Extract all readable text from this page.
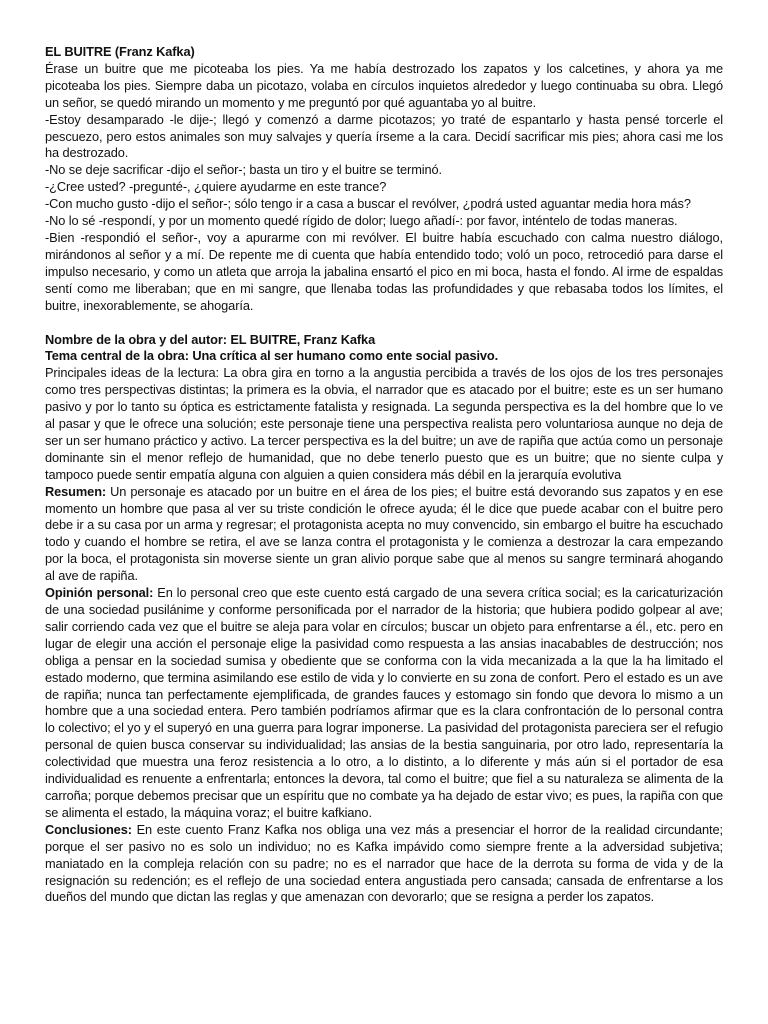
EL BUITRE (Franz Kafka)

Érase un buitre que me picoteaba los pies. Ya me había destrozado los zapatos y los calcetines, y ahora ya me picoteaba los pies. Siempre daba un picotazo, volaba en círculos inquietos alrededor y luego continuaba su obra. Llegó un señor, se quedó mirando un momento y me preguntó por qué aguantaba yo al buitre.

-Estoy desamparado -le dije-; llegó y comenzó a darme picotazos; yo traté de espantarlo y hasta pensé torcerle el pescuezo, pero estos animales son muy salvajes y quería írseme a la cara. Decidí sacrificar mis pies; ahora casi me los ha destrozado.

-No se deje sacrificar -dijo el señor-; basta un tiro y el buitre se terminó.

-¿Cree usted? -pregunté-, ¿quiere ayudarme en este trance?

-Con mucho gusto -dijo el señor-; sólo tengo ir a casa a buscar el revólver, ¿podrá usted aguantar media hora más?

-No lo sé -respondí, y por un momento quedé rígido de dolor; luego añadí-: por favor, inténtelo de todas maneras.

-Bien -respondió el señor-, voy a apurarme con mi revólver. El buitre había escuchado con calma nuestro diálogo, mirándonos al señor y a mí. De repente me di cuenta que había entendido todo; voló un poco, retrocedió para darse el impulso necesario, y como un atleta que arroja la jabalina ensartó el pico en mi boca, hasta el fondo. Al irme de espaldas sentí como me liberaban; que en mi sangre, que llenaba todas las profundidades y que rebasaba todos los límites, el buitre, inexorablemente, se ahogaría.

Nombre de la obra y del autor: EL BUITRE, Franz Kafka

Tema central de la obra: Una crítica al ser humano como ente social pasivo.

Principales ideas de la lectura: La obra gira en torno a la angustia percibida a través de los ojos de los tres personajes como tres perspectivas distintas; la primera es la obvia, el narrador que es atacado por el buitre; este es un ser humano pasivo y por lo tanto su óptica es estrictamente fatalista y resignada. La segunda perspectiva es la del hombre que lo ve al pasar y que le ofrece una solución; este personaje tiene una perspectiva realista pero voluntariosa aunque no deja de ser un ser humano práctico y activo. La tercer perspectiva es la del buitre; un ave de rapiña que actúa como un personaje dominante sin el menor reflejo de humanidad, que no debe tenerlo puesto que es un buitre; que no siente culpa y tampoco puede sentir empatía alguna con alguien a quien considera más débil en la jerarquía evolutiva

Resumen: Un personaje es atacado por un buitre en el área de los pies; el buitre está devorando sus zapatos y en ese momento un hombre que pasa al ver su triste condición le ofrece ayuda; él le dice que puede acabar con el buitre pero debe ir a su casa por un arma y regresar; el protagonista acepta no muy convencido, sin embargo el buitre ha escuchado todo y cuando el hombre se retira, el ave se lanza contra el protagonista y le comienza a destrozar la cara empezando por la boca, el protagonista sin moverse siente un gran alivio porque sabe que al menos su sangre terminará ahogando al ave de rapiña.

Opinión personal: En lo personal creo que este cuento está cargado de una severa crítica social; es la caricaturización de una sociedad pusilánime y conforme personificada por el narrador de la historia; que hubiera podido golpear al ave; salir corriendo cada vez que el buitre se aleja para volar en círculos; buscar un objeto para enfrentarse a él., etc. pero en lugar de elegir una acción el personaje elige la pasividad como respuesta a las ansias inacabables de destrucción; nos obliga a pensar en la sociedad sumisa y obediente que se conforma con la vida mecanizada a la que la ha limitado el estado moderno, que termina asimilando ese estilo de vida y lo convierte en su zona de confort. Pero el estado es un ave de rapiña; nunca tan perfectamente ejemplificada, de grandes fauces y estomago sin fondo que devora lo mismo a un hombre que a una sociedad entera. Pero también podríamos afirmar que es la clara confrontación de lo personal contra lo colectivo; el yo y el superyó en una guerra para lograr imponerse. La pasividad del protagonista pareciera ser el refugio personal de quien busca conservar su individualidad; las ansias de la bestia sanguinaria, por otro lado, representaría la colectividad que muestra una feroz resistencia a lo otro, a lo distinto, a lo diferente y más aún si el portador de esa individualidad es renuente a enfrentarla; entonces la devora, tal como el buitre; que fiel a su naturaleza se alimenta de la carroña; porque debemos precisar que un espíritu que no combate ya ha dejado de estar vivo; es pues, la rapiña con que se alimenta el estado, la máquina voraz; el buitre kafkiano.

Conclusiones: En este cuento Franz Kafka nos obliga una vez más a presenciar el horror de la realidad circundante; porque el ser pasivo no es solo un individuo; no es Kafka impávido como siempre frente a la adversidad subjetiva; maniatado en la compleja relación con su padre; no es el narrador que hace de la derrota su forma de vida y de la resignación su redención; es el reflejo de una sociedad entera angustiada pero cansada; cansada de enfrentarse a los dueños del mundo que dictan las reglas y que amenazan con devorarlo; que se resigna a perder los zapatos.
